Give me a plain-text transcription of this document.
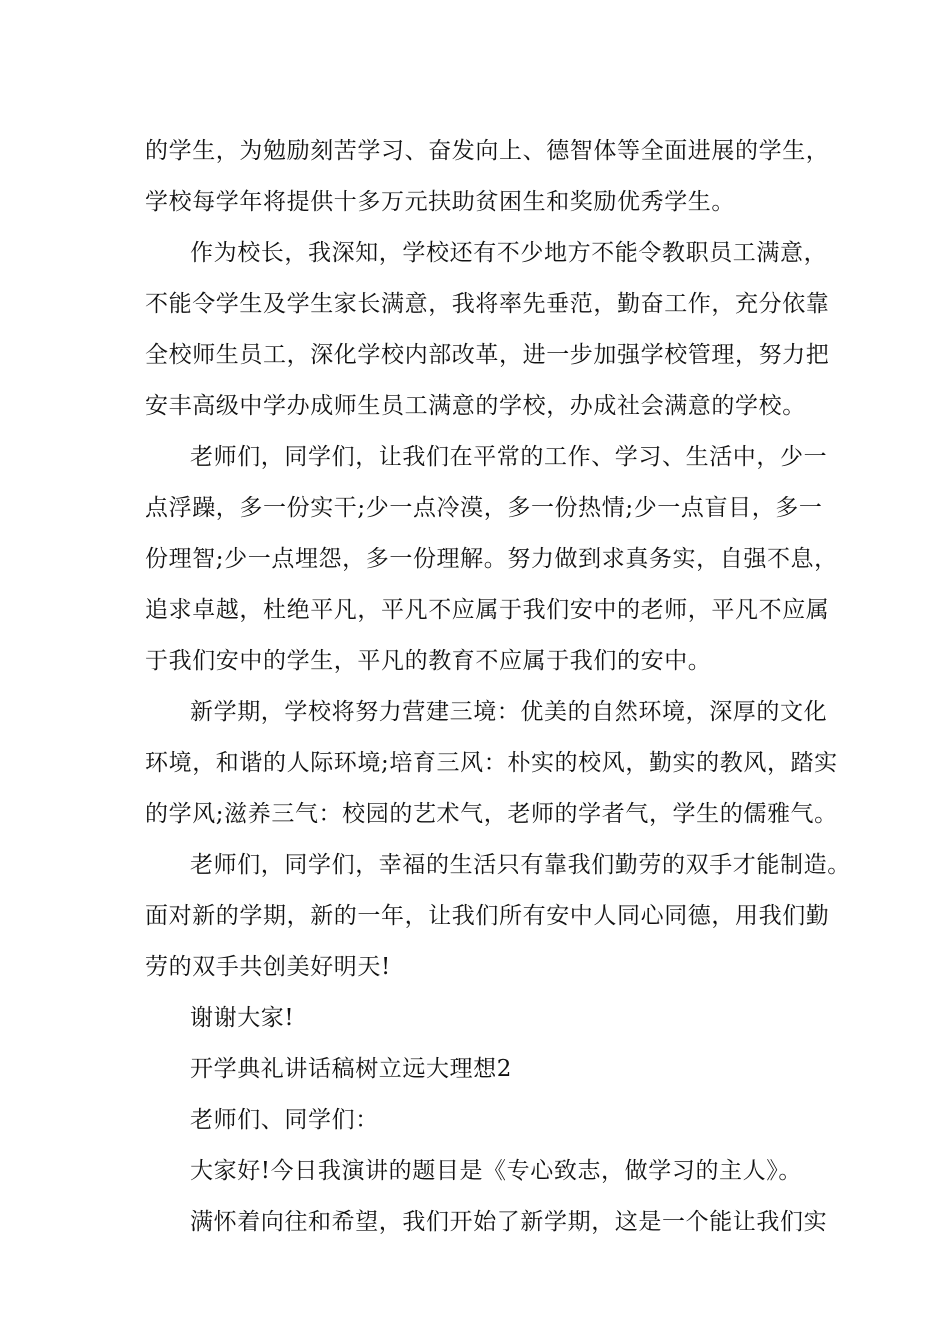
的学生，为勉励刻苦学习、奋发向上、德智体等全面进展的学生，
学校每学年将提供十多万元扶助贫困生和奖励优秀学生。
作为校长，我深知，学校还有不少地方不能令教职员工满意，
不能令学生及学生家长满意，我将率先垂范，勤奋工作，充分依靠
全校师生员工，深化学校内部改革，进一步加强学校管理，努力把
安丰高级中学办成师生员工满意的学校，办成社会满意的学校。
老师们，同学们，让我们在平常的工作、学习、生活中，少一
点浮躁，多一份实干;少一点冷漠，多一份热情;少一点盲目，多一
份理智;少一点埋怨，多一份理解。努力做到求真务实，自强不息，
追求卓越，杜绝平凡，平凡不应属于我们安中的老师，平凡不应属
于我们安中的学生，平凡的教育不应属于我们的安中。
新学期，学校将努力营建三境：优美的自然环境，深厚的文化
环境，和谐的人际环境;培育三风：朴实的校风，勤实的教风，踏实
的学风;滋养三气：校园的艺术气，老师的学者气，学生的儒雅气。
老师们，同学们，幸福的生活只有靠我们勤劳的双手才能制造。
面对新的学期，新的一年，让我们所有安中人同心同德，用我们勤
劳的双手共创美好明天!
谢谢大家!
开学典礼讲话稿树立远大理想2
老师们、同学们：
大家好!今日我演讲的题目是《专心致志，做学习的主人》。
满怀着向往和希望，我们开始了新学期，这是一个能让我们实
